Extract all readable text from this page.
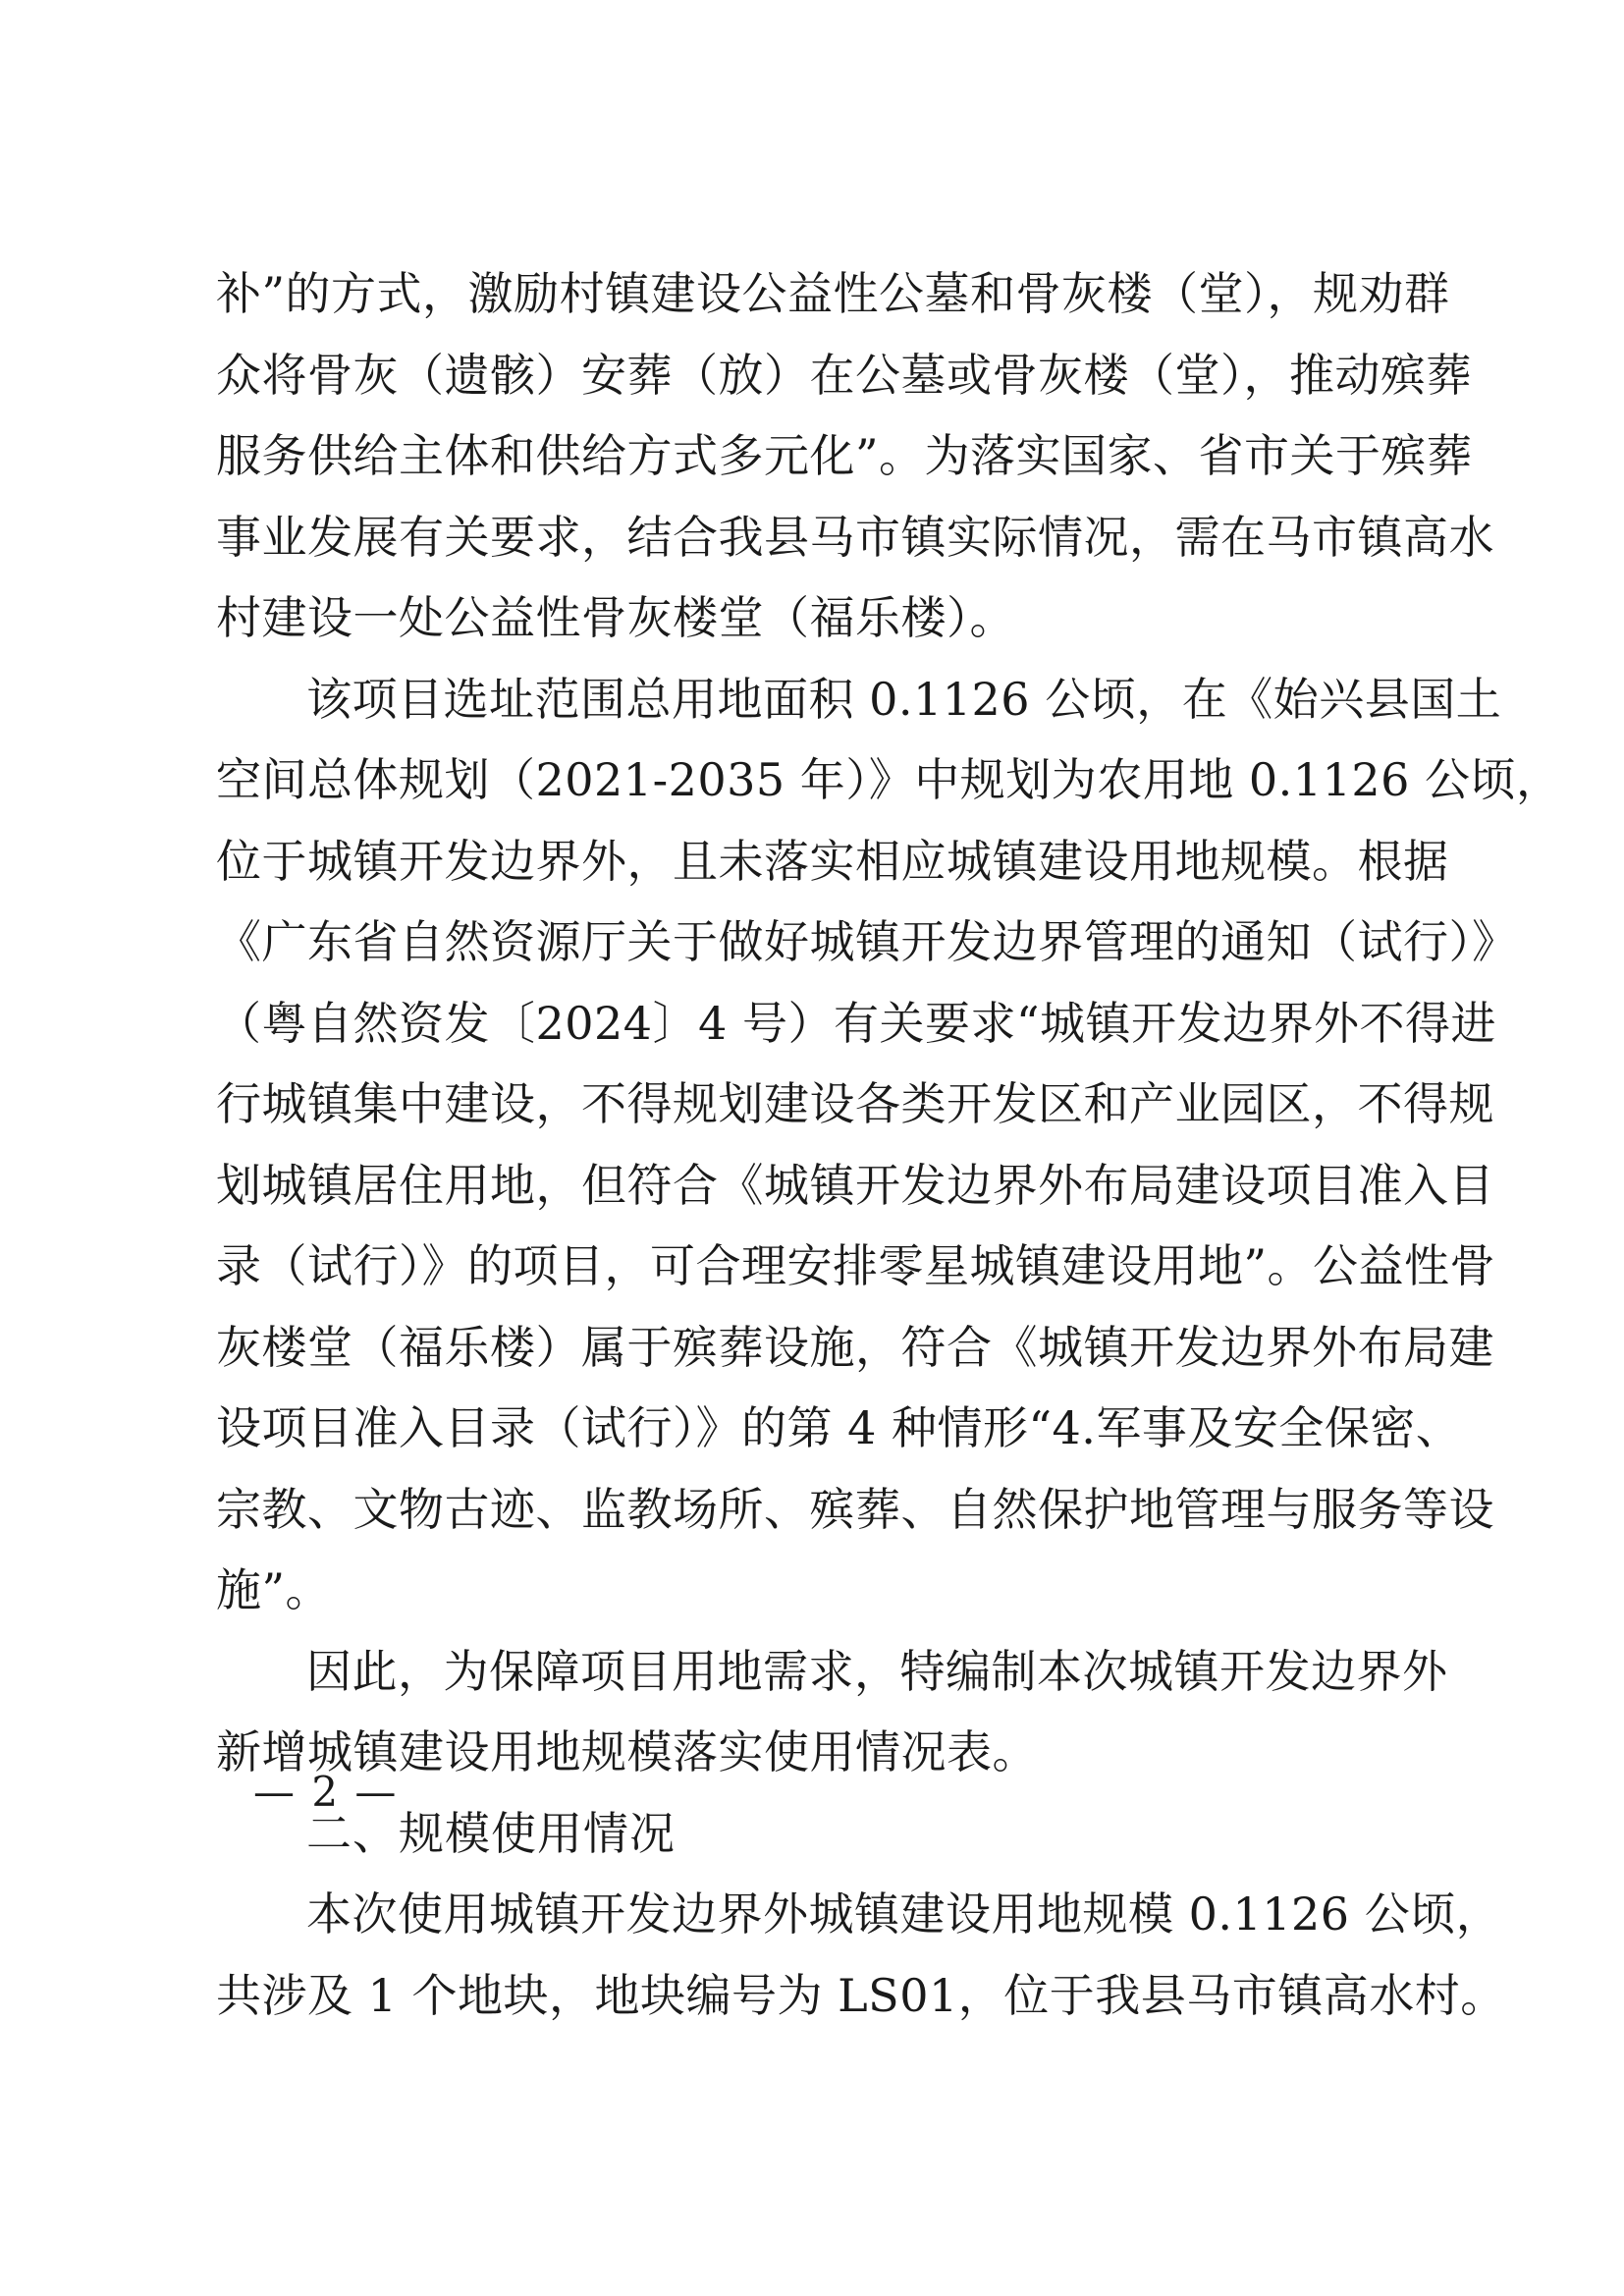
补”的方式，激励村镇建设公益性公墓和骨灰楼（堂），规劝群
众将骨灰（遗骸）安葬（放）在公墓或骨灰楼（堂），推动殡葬
服务供给主体和供给方式多元化”。为落实国家、省市关于殡葬
事业发展有关要求，结合我县马市镇实际情况，需在马市镇高水
村建设一处公益性骨灰楼堂（福乐楼）。

该项目选址范围总用地面积 0.1126 公顷，在《始兴县国土
空间总体规划（2021-2035 年）》中规划为农用地 0.1126 公顷，
位于城镇开发边界外，且未落实相应城镇建设用地规模。根据
《广东省自然资源厅关于做好城镇开发边界管理的通知（试行）》
（粤自然资发〔2024〕4 号）有关要求“城镇开发边界外不得进
行城镇集中建设，不得规划建设各类开发区和产业园区，不得规
划城镇居住用地，但符合《城镇开发边界外布局建设项目准入目
录（试行）》的项目，可合理安排零星城镇建设用地”。公益性骨
灰楼堂（福乐楼）属于殡葬设施，符合《城镇开发边界外布局建
设项目准入目录（试行）》的第 4 种情形“4.军事及安全保密、
宗教、文物古迹、监教场所、殡葬、自然保护地管理与服务等设
施”。

因此，为保障项目用地需求，特编制本次城镇开发边界外
新增城镇建设用地规模落实使用情况表。

二、规模使用情况

本次使用城镇开发边界外城镇建设用地规模 0.1126 公顷，
共涉及 1 个地块，地块编号为 LS01，位于我县马市镇高水村。

— 2 —
